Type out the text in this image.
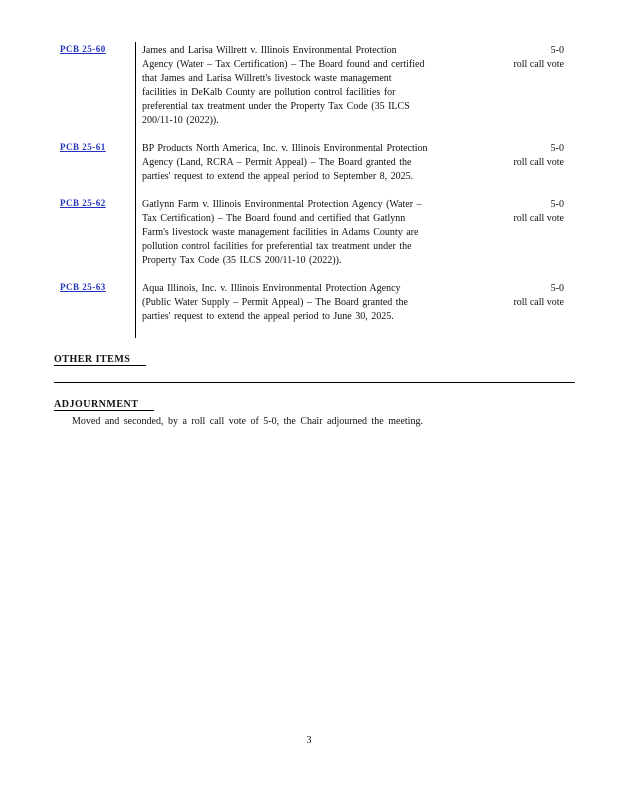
PCB 25-60	James and Larisa Willrett v. Illinois Environmental Protection
Agency (Water – Tax Certification) – The Board found and certified
that James and Larisa Willrett's livestock waste management
facilities in DeKalb County are pollution control facilities for
preferential tax treatment under the Property Tax Code (35 ILCS
200/11-10 (2022)).
5-0
roll call vote
PCB 25-61	BP Products North America, Inc. v. Illinois Environmental Protection
Agency (Land, RCRA – Permit Appeal) – The Board granted the
parties' request to extend the appeal period to September 8, 2025.
5-0
roll call vote
PCB 25-62	Gatlynn Farm v. Illinois Environmental Protection Agency (Water –
Tax Certification) – The Board found and certified that Gatlynn
Farm's livestock waste management facilities in Adams County are
pollution control facilities for preferential tax treatment under the
Property Tax Code (35 ILCS 200/11-10 (2022)).
5-0
roll call vote
PCB 25-63	Aqua Illinois, Inc. v. Illinois Environmental Protection Agency
(Public Water Supply – Permit Appeal) – The Board granted the
parties' request to extend the appeal period to June 30, 2025.
5-0
roll call vote
OTHER ITEMS
ADJOURNMENT
Moved and seconded, by a roll call vote of 5-0, the Chair adjourned the meeting.
3
